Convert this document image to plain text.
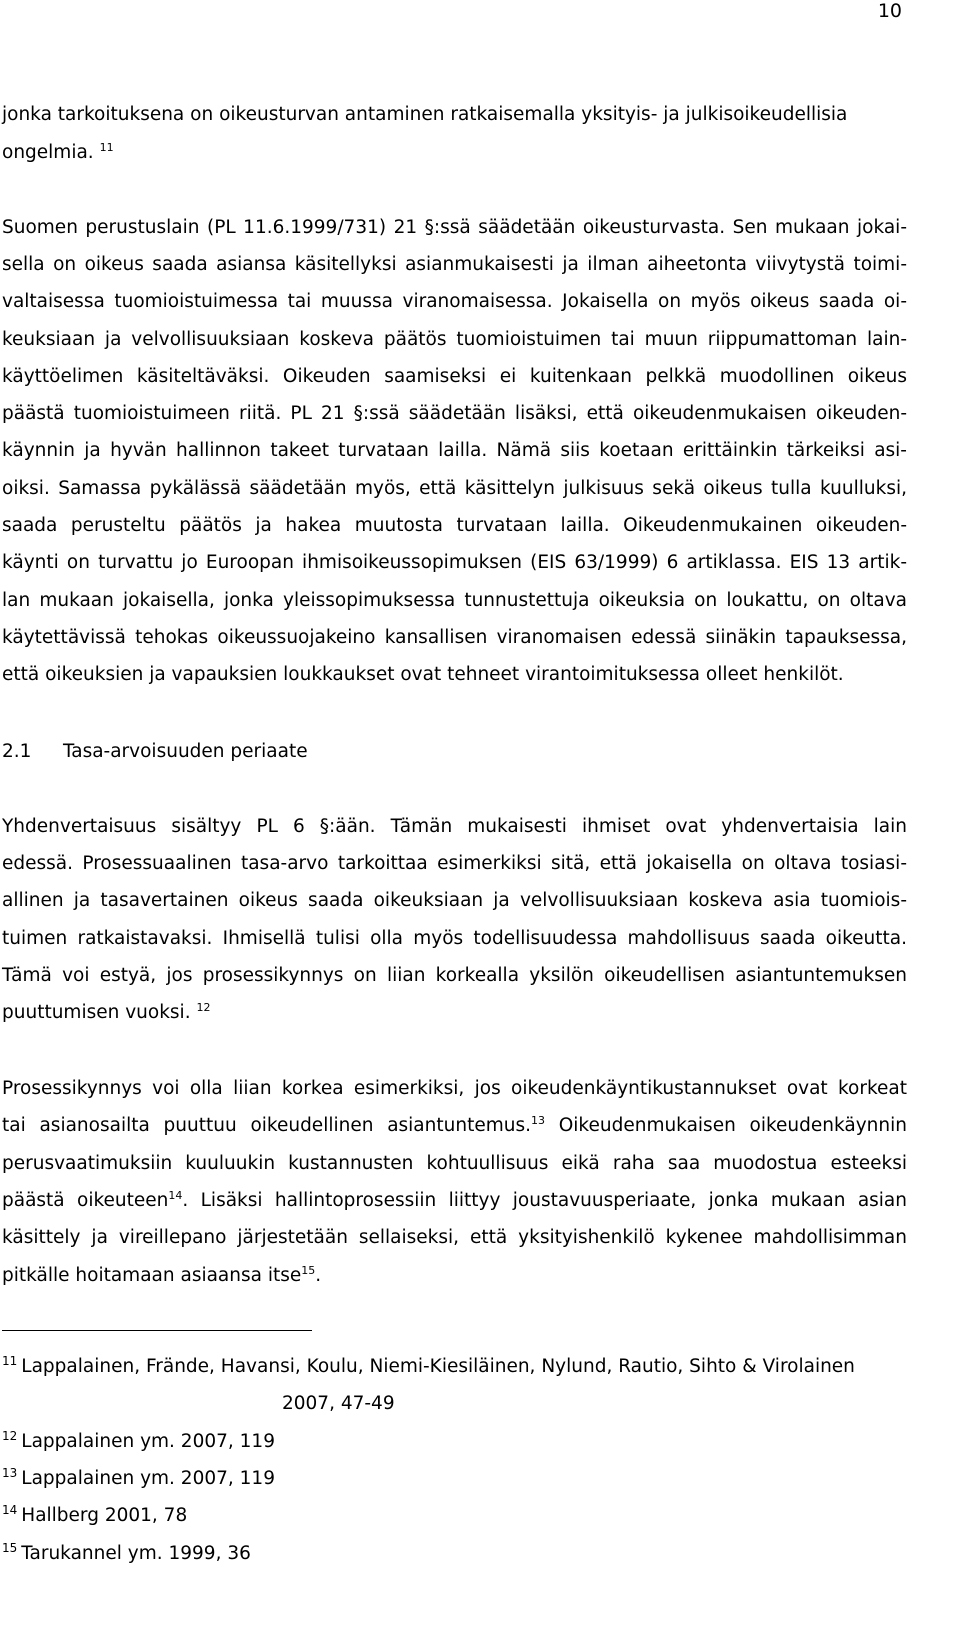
10
jonka tarkoituksena on oikeusturvan antaminen ratkaisemalla yksityis- ja julkisoikeudellisia
ongelmia. $^{11}$
Suomen perustuslain (PL 11.6.1999/731) 21 §:ssä säädetään oikeusturvasta. Sen mukaan jokai-
sella on oikeus saada asiansa käsitellyksi asianmukaisesti ja ilman aiheetonta viivytystä toimi-
valtaisessa tuomioistuimessa tai muussa viranomaisessa. Jokaisella on myös oikeus saada oi-
keuksiaan ja velvollisuuksiaan koskeva päätös tuomioistuimen tai muun riippumattoman lain-
käyttöelimen käsiteltäväksi. Oikeuden saamiseksi ei kuitenkaan pelkkä muodollinen oikeus
päästä tuomioistuimeen riitä. PL 21 §:ssä säädetään lisäksi, että oikeudenmukaisen oikeuden-
käynnin ja hyvän hallinnon takeet turvataan lailla. Nämä siis koetaan erittäinkin tärkeiksi asi-
oiksi. Samassa pykälässä säädetään myös, että käsittelyn julkisuus sekä oikeus tulla kuulluksi,
saada perusteltu päätös ja hakea muutosta turvataan lailla. Oikeudenmukainen oikeuden-
käynti on turvattu jo Euroopan ihmisoikeussopimuksen (EIS 63/1999) 6 artiklassa. EIS 13 artik-
lan mukaan jokaisella, jonka yleissopimuksessa tunnustettuja oikeuksia on loukattu, on oltava
käytettävissä tehokas oikeussuojakeino kansallisen viranomaisen edessä siinäkin tapauksessa,
että oikeuksien ja vapauksien loukkaukset ovat tehneet virantoimituksessa olleet henkilöt.
2.1 Tasa-arvoisuuden periaate
Yhdenvertaisuus sisältyy PL 6 §:ään. Tämän mukaisesti ihmiset ovat yhdenvertaisia lain
edessä. Prosessuaalinen tasa-arvo tarkoittaa esimerkiksi sitä, että jokaisella on oltava tosiasi-
allinen ja tasavertainen oikeus saada oikeuksiaan ja velvollisuuksiaan koskeva asia tuomiois-
tuimen ratkaistavaksi. Ihmisellä tulisi olla myös todellisuudessa mahdollisuus saada oikeutta.
Tämä voi estyä, jos prosessikynnys on liian korkealla yksilön oikeudellisen asiantuntemuksen
puuttumisen vuoksi. $^{12}$
Prosessikynnys voi olla liian korkea esimerkiksi, jos oikeudenkäyntikustannukset ovat korkeat
tai asianosailta puuttuu oikeudellinen asiantuntemus.$^{13}$ Oikeudenmukaisen oikeudenkäynnin
perusvaatimuksiin kuuluukin kustannusten kohtuullisuus eikä raha saa muodostua esteeksi
päästä oikeuteen$^{14}$. Lisäksi hallintoprosessiin liittyy joustavuusperiaate, jonka mukaan asian
käsittely ja vireillepano järjestetään sellaiseksi, että yksityishenkilö kykenee mahdollisimman
pitkälle hoitamaan asiaansa itse$^{15}$.
$^{11}$ Lappalainen, Frände, Havansi, Koulu, Niemi-Kiesiläinen, Nylund, Rautio, Sihto & Virolainen
2007, 47-49
$^{12}$ Lappalainen ym. 2007, 119
$^{13}$ Lappalainen ym. 2007, 119
$^{14}$ Hallberg 2001, 78
$^{15}$ Tarukannel ym. 1999, 36
